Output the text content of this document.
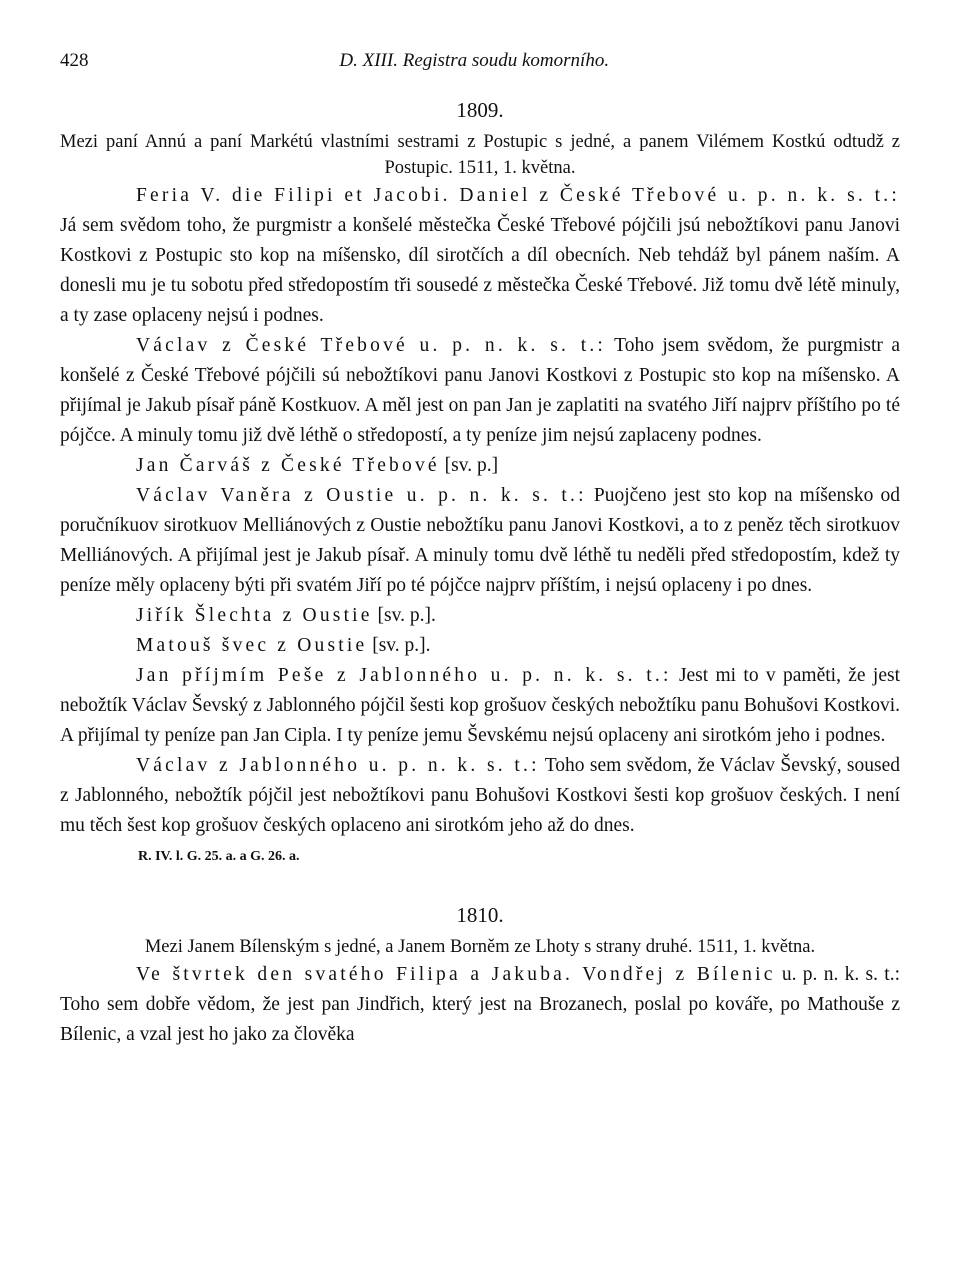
428	D. XIII. Registra soudu komorního.
1809.
Mezi paní Annú a paní Markétú vlastními sestrami z Postupic s jedné, a panem Vilémem Kostkú odtudž z Postupic. 1511, 1. května.

Feria V. die Filipi et Jacobi. Daniel z České Třebové u. p. n. k. s. t.: Já sem svědom toho, že purgmistr a konšelé městečka České Třebové pójčili jsú nebožtíkovi panu Janovi Kostkovi z Postupic sto kop na míšensko, díl sirotčích a díl obecních. Neb tehdáž byl pánem naším. A donesli mu je tu sobotu před středopostím tři sousedé z městečka České Třebové. Již tomu dvě létě minuly, a ty zase oplaceny nejsú i podnes.

Václav z České Třebové u. p. n. k. s. t.: Toho jsem svědom, že purgmistr a konšelé z České Třebové pójčili sú nebožtíkovi panu Janovi Kostkovi z Postupic sto kop na míšensko. A přijímal je Jakub písař páně Kostkuov. A měl jest on pan Jan je zaplatiti na svatého Jiří najprv příštího po té pójčce. A minuly tomu již dvě léthě o středopostí, a ty peníze jim nejsú zaplaceny podnes.

Jan Čarváš z České Třebové [sv. p.]

Václav Vaněra z Oustie u. p. n. k. s. t.: Puojčeno jest sto kop na míšensko od poručníkuov sirotkuov Melliánových z Oustie nebožtíku panu Janovi Kostkovi, a to z peněz těch sirotkuov Melliánových. A přijímal jest je Jakub písař. A minuly tomu dvě léthě tu neděli před středopostím, kdež ty peníze měly oplaceny býti při svatém Jiří po té pójčce najprv příštím, i nejsú oplaceny i po dnes.

Jiřík Šlechta z Oustie [sv. p.].

Matouš švec z Oustie [sv. p.].

Jan příjmím Peše z Jablonného u. p. n. k. s. t.: Jest mi to v paměti, že jest nebožtík Václav Ševský z Jablonného pójčil šesti kop grošuov českých nebožtíku panu Bohušovi Kostkovi. A přijímal ty peníze pan Jan Cipla. I ty peníze jemu Ševskému nejsú oplaceny ani sirotkóm jeho i podnes.

Václav z Jablonného u. p. n. k. s. t.: Toho sem svědom, že Václav Ševský, soused z Jablonného, nebožtík pójčil jest nebožtíkovi panu Bohušovi Kostkovi šesti kop grošuov českých. I není mu těch šest kop grošuov českých oplaceno ani sirotkóm jeho až do dnes.

R. IV. l. G. 25. a. a G. 26. a.
1810.
Mezi Janem Bílenským s jedné, a Janem Borněm ze Lhoty s strany druhé. 1511, 1. května.

Ve štvrtek den svatého Filipa a Jakuba. Vondřej z Bílenic u. p. n. k. s. t.: Toho sem dobře vědom, že jest pan Jindřich, který jest na Brozanech, poslal po kováře, po Mathouše z Bílenic, a vzal jest ho jako za člověka
